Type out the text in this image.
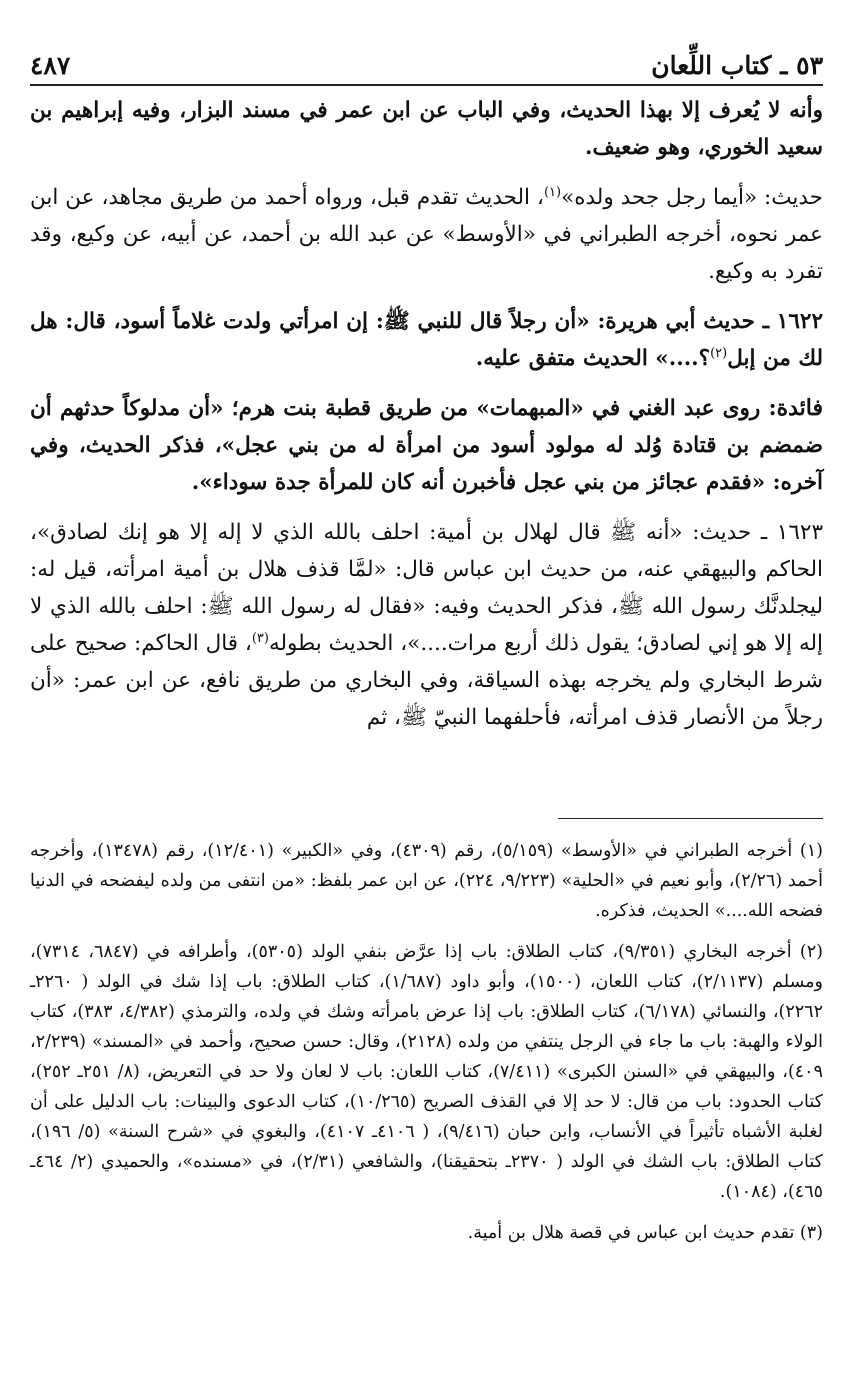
٥٣ ـ كتاب اللِّعان
٤٨٧

وأنه لا يُعرف إلا بهذا الحديث، وفي الباب عن ابن عمر في مسند البزار، وفيه إبراهيم بن سعيد الخوري، وهو ضعيف.

حديث: «أيما رجل جحد ولده»$^{(١)}$، الحديث تقدم قبل، ورواه أحمد من طريق مجاهد، عن ابن عمر نحوه، أخرجه الطبراني في «الأوسط» عن عبد الله بن أحمد، عن أبيه، عن وكيع، وقد تفرد به وكيع.

١٦٢٢ ـ حديث أبي هريرة: «أن رجلاً قال للنبي ﷺ: إن امرأتي ولدت غلاماً أسود، قال: هل لك من إبل$^{(٢)}$؟....» الحديث متفق عليه.

فائدة: روى عبد الغني في «المبهمات» من طريق قطبة بنت هرم؛ «أن مدلوكاً حدثهم أن ضمضم بن قتادة وُلد له مولود أسود من امرأة له من بني عجل»، فذكر الحديث، وفي آخره: «فقدم عجائز من بني عجل فأخبرن أنه كان للمرأة جدة سوداء».

١٦٢٣ ـ حديث: «أنه ﷺ قال لهلال بن أمية: احلف بالله الذي لا إله إلا هو إنك لصادق»، الحاكم والبيهقي عنه، من حديث ابن عباس قال: «لمَّا قذف هلال بن أمية امرأته، قيل له: ليجلدنَّك رسول الله ﷺ، فذكر الحديث وفيه: «فقال له رسول الله ﷺ: احلف بالله الذي لا إله إلا هو إني لصادق؛ يقول ذلك أربع مرات....»، الحديث بطوله$^{(٣)}$، قال الحاكم: صحيح على شرط البخاري ولم يخرجه بهذه السياقة، وفي البخاري من طريق نافع، عن ابن عمر: «أن رجلاً من الأنصار قذف امرأته، فأحلفهما النبيّ ﷺ، ثم

(١) أخرجه الطبراني في «الأوسط» (٥/١٥٩)، رقم (٤٣٠٩)، وفي «الكبير» (١٢/٤٠١)، رقم (١٣٤٧٨)، وأخرجه أحمد (٢/٢٦)، وأبو نعيم في «الحلية» (٩/٢٢٣، ٢٢٤)، عن ابن عمر بلفظ: «من انتفى من ولده ليفضحه في الدنيا فضحه الله....» الحديث، فذكره.

(٢) أخرجه البخاري (٩/٣٥١)، كتاب الطلاق: باب إذا عرَّض بنفي الولد (٥٣٠٥)، وأطرافه في (٦٨٤٧، ٧٣١٤)، ومسلم (٢/١١٣٧)، كتاب اللعان، (١٥٠٠)، وأبو داود (١/٦٨٧)، كتاب الطلاق: باب إذا شك في الولد ( ٢٢٦٠ـ ٢٢٦٢)، والنسائي (٦/١٧٨)، كتاب الطلاق: باب إذا عرض بامرأته وشك في ولده، والترمذي (٤/٣٨٢، ٣٨٣)، كتاب الولاء والهبة: باب ما جاء في الرجل ينتفي من ولده (٢١٢٨)، وقال: حسن صحيح، وأحمد في «المسند» (٢/٢٣٩، ٤٠٩)، والبيهقي في «السنن الكبرى» (٧/٤١١)، كتاب اللعان: باب لا لعان ولا حد في التعريض، (٨/ ٢٥١ـ ٢٥٢)، كتاب الحدود: باب من قال: لا حد إلا في القذف الصريح (١٠/٢٦٥)، كتاب الدعوى والبينات: باب الدليل على أن لغلبة الأشباه تأثيراً في الأنساب، وابن حبان (٩/٤١٦)، ( ٤١٠٦ـ ٤١٠٧)، والبغوي في «شرح السنة» (٥/ ١٩٦)، كتاب الطلاق: باب الشك في الولد ( ٢٣٧٠ـ بتحقيقنا)، والشافعي (٢/٣١)، في «مسنده»، والحميدي (٢/ ٤٦٤ـ ٤٦٥)، (١٠٨٤).

(٣) تقدم حديث ابن عباس في قصة هلال بن أمية.
